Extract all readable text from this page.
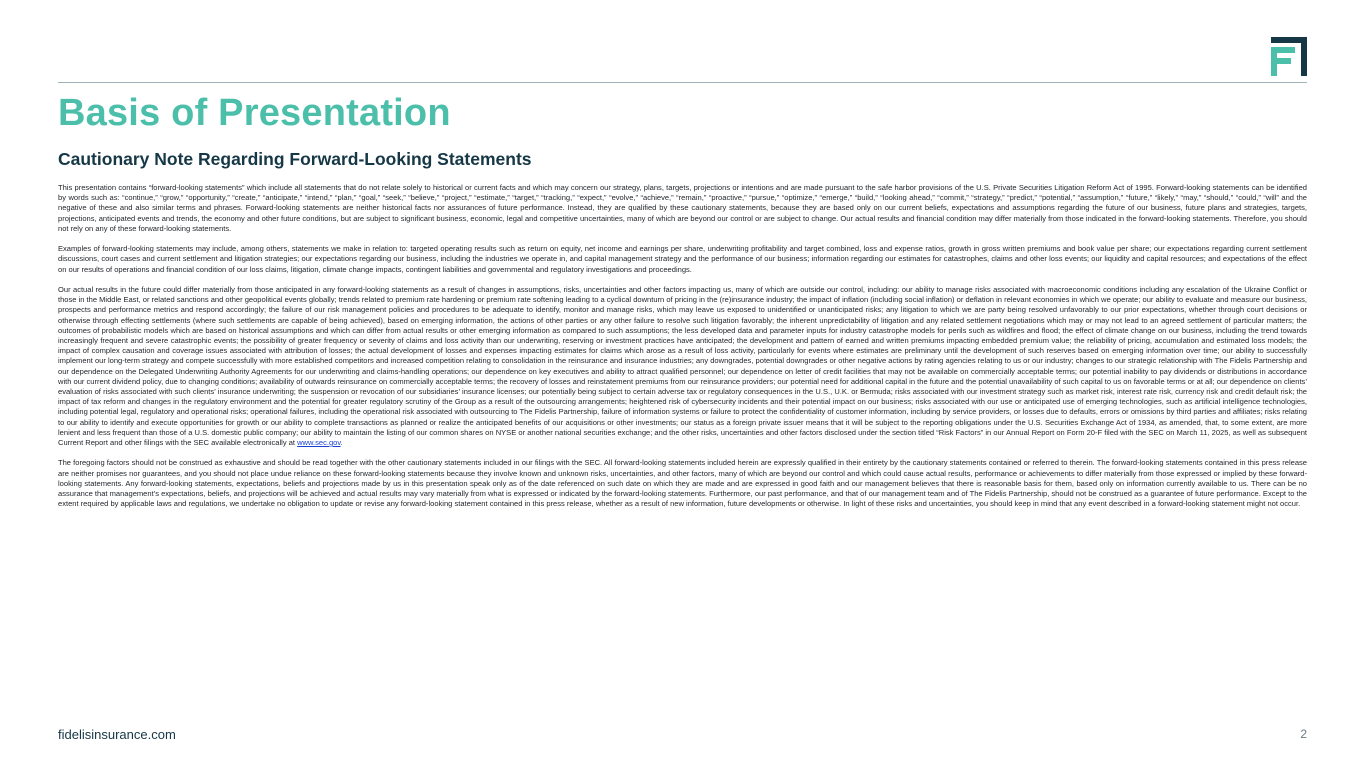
Basis of Presentation
Cautionary Note Regarding Forward-Looking Statements

This presentation contains “forward-looking statements” which include all statements that do not relate solely to historical or current facts and which may concern our strategy, plans, targets, projections or intentions and are made pursuant to the safe harbor provisions of the U.S. Private Securities Litigation Reform Act of 1995. Forward-looking statements can be identified by words such as: “continue,” “grow,” “opportunity,” “create,” “anticipate,” “intend,” “plan,” “goal,” “seek,” “believe,” “project,” “estimate,” “target,” “tracking,” “expect,” “evolve,” “achieve,” “remain,” “proactive,” “pursue,” “optimize,” “emerge,” “build,” “looking ahead,” “commit,” “strategy,” “predict,” “potential,” “assumption,” “future,” “likely,” “may,” “should,” “could,” “will” and the negative of these and also similar terms and phrases. Forward-looking statements are neither historical facts nor assurances of future performance. Instead, they are qualified by these cautionary statements, because they are based only on our current beliefs, expectations and assumptions regarding the future of our business, future plans and strategies, targets, projections, anticipated events and trends, the economy and other future conditions, but are subject to significant business, economic, legal and competitive uncertainties, many of which are beyond our control or are subject to change. Our actual results and financial condition may differ materially from those indicated in the forward-looking statements. Therefore, you should not rely on any of these forward-looking statements.

Examples of forward-looking statements may include, among others, statements we make in relation to: targeted operating results such as return on equity, net income and earnings per share, underwriting profitability and target combined, loss and expense ratios, growth in gross written premiums and book value per share; our expectations regarding current settlement discussions, court cases and current settlement and litigation strategies; our expectations regarding our business, including the industries we operate in, and capital management strategy and the performance of our business; information regarding our estimates for catastrophes, claims and other loss events; our liquidity and capital resources; and expectations of the effect on our results of operations and financial condition of our loss claims, litigation, climate change impacts, contingent liabilities and governmental and regulatory investigations and proceedings.

Our actual results in the future could differ materially from those anticipated in any forward-looking statements as a result of changes in assumptions, risks, uncertainties and other factors impacting us, many of which are outside our control, including: our ability to manage risks associated with macroeconomic conditions including any escalation of the Ukraine Conflict or those in the Middle East, or related sanctions and other geopolitical events globally; trends related to premium rate hardening or premium rate softening leading to a cyclical downturn of pricing in the (re)insurance industry; the impact of inflation (including social inflation) or deflation in relevant economies in which we operate; our ability to evaluate and measure our business, prospects and performance metrics and respond accordingly; the failure of our risk management policies and procedures to be adequate to identify, monitor and manage risks, which may leave us exposed to unidentified or unanticipated risks; any litigation to which we are party being resolved unfavorably to our prior expectations, whether through court decisions or otherwise through effecting settlements (where such settlements are capable of being achieved), based on emerging information, the actions of other parties or any other failure to resolve such litigation favorably; the inherent unpredictability of litigation and any related settlement negotiations which may or may not lead to an agreed settlement of particular matters; the outcomes of probabilistic models which are based on historical assumptions and which can differ from actual results or other emerging information as compared to such assumptions; the less developed data and parameter inputs for industry catastrophe models for perils such as wildfires and flood; the effect of climate change on our business, including the trend towards increasingly frequent and severe catastrophic events; the possibility of greater frequency or severity of claims and loss activity than our underwriting, reserving or investment practices have anticipated; the development and pattern of earned and written premiums impacting embedded premium value; the reliability of pricing, accumulation and estimated loss models; the impact of complex causation and coverage issues associated with attribution of losses; the actual development of losses and expenses impacting estimates for claims which arose as a result of loss activity, particularly for events where estimates are preliminary until the development of such reserves based on emerging information over time; our ability to successfully implement our long-term strategy and compete successfully with more established competitors and increased competition relating to consolidation in the reinsurance and insurance industries; any downgrades, potential downgrades or other negative actions by rating agencies relating to us or our industry; changes to our strategic relationship with The Fidelis Partnership and our dependence on the Delegated Underwriting Authority Agreements for our underwriting and claims-handling operations; our dependence on key executives and ability to attract qualified personnel; our dependence on letter of credit facilities that may not be available on commercially acceptable terms; our potential inability to pay dividends or distributions in accordance with our current dividend policy, due to changing conditions; availability of outwards reinsurance on commercially acceptable terms; the recovery of losses and reinstatement premiums from our reinsurance providers; our potential need for additional capital in the future and the potential unavailability of such capital to us on favorable terms or at all; our dependence on clients’ evaluation of risks associated with such clients’ insurance underwriting; the suspension or revocation of our subsidiaries’ insurance licenses; our potentially being subject to certain adverse tax or regulatory consequences in the U.S., U.K. or Bermuda; risks associated with our investment strategy such as market risk, interest rate risk, currency risk and credit default risk; the impact of tax reform and changes in the regulatory environment and the potential for greater regulatory scrutiny of the Group as a result of the outsourcing arrangements; heightened risk of cybersecurity incidents and their potential impact on our business; risks associated with our use or anticipated use of emerging technologies, such as artificial intelligence technologies, including potential legal, regulatory and operational risks; operational failures, including the operational risk associated with outsourcing to The Fidelis Partnership, failure of information systems or failure to protect the confidentiality of customer information, including by service providers, or losses due to defaults, errors or omissions by third parties and affiliates; risks relating to our ability to identify and execute opportunities for growth or our ability to complete transactions as planned or realize the anticipated benefits of our acquisitions or other investments; our status as a foreign private issuer means that it will be subject to the reporting obligations under the U.S. Securities Exchange Act of 1934, as amended, that, to some extent, are more lenient and less frequent than those of a U.S. domestic public company; our ability to maintain the listing of our common shares on NYSE or another national securities exchange; and the other risks, uncertainties and other factors disclosed under the section titled “Risk Factors” in our Annual Report on Form 20-F filed with the SEC on March 11, 2025, as well as subsequent Current Report and other filings with the SEC available electronically at www.sec.gov.

The foregoing factors should not be construed as exhaustive and should be read together with the other cautionary statements included in our filings with the SEC. All forward-looking statements included herein are expressly qualified in their entirety by the cautionary statements contained or referred to therein. The forward-looking statements contained in this press release are neither promises nor guarantees, and you should not place undue reliance on these forward-looking statements because they involve known and unknown risks, uncertainties, and other factors, many of which are beyond our control and which could cause actual results, performance or achievements to differ materially from those expressed or implied by these forward-looking statements. Any forward-looking statements, expectations, beliefs and projections made by us in this presentation speak only as of the date referenced on such date on which they are made and are expressed in good faith and our management believes that there is reasonable basis for them, based only on information currently available to us. There can be no assurance that management’s expectations, beliefs, and projections will be achieved and actual results may vary materially from what is expressed or indicated by the forward-looking statements. Furthermore, our past performance, and that of our management team and of The Fidelis Partnership, should not be construed as a guarantee of future performance. Except to the extent required by applicable laws and regulations, we undertake no obligation to update or revise any forward-looking statement contained in this press release, whether as a result of new information, future developments or otherwise. In light of these risks and uncertainties, you should keep in mind that any event described in a forward-looking statement might not occur.

fidelisinsurance.com	2
